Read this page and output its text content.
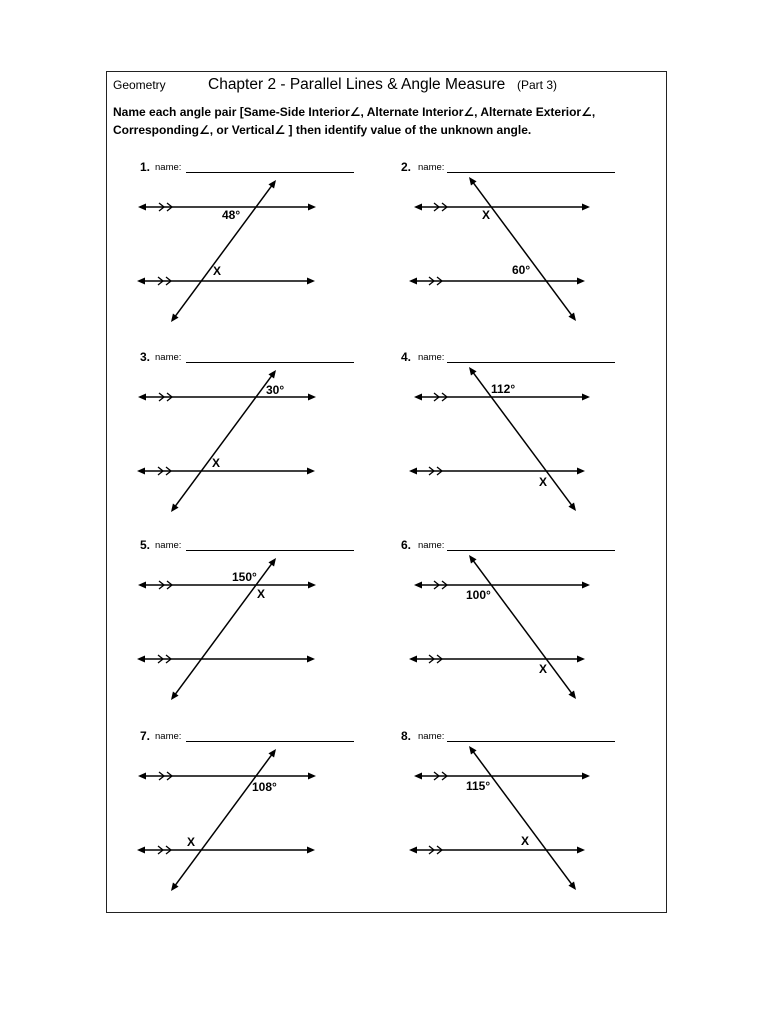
Geometry	Chapter 2 - Parallel Lines & Angle Measure (Part 3)
Name each angle pair [Same-Side Interior∠, Alternate Interior∠, Alternate Exterior∠,
Corresponding∠, or Vertical∠ ] then identify value of the unknown angle.
1. name:
48°
X
2. name:
60°
X
3. name:
30°
X
4. name:
112°
X
5. name:
150°
X
6. name:
100°
X
7. name:
108°
X
8. name:
115°
X
